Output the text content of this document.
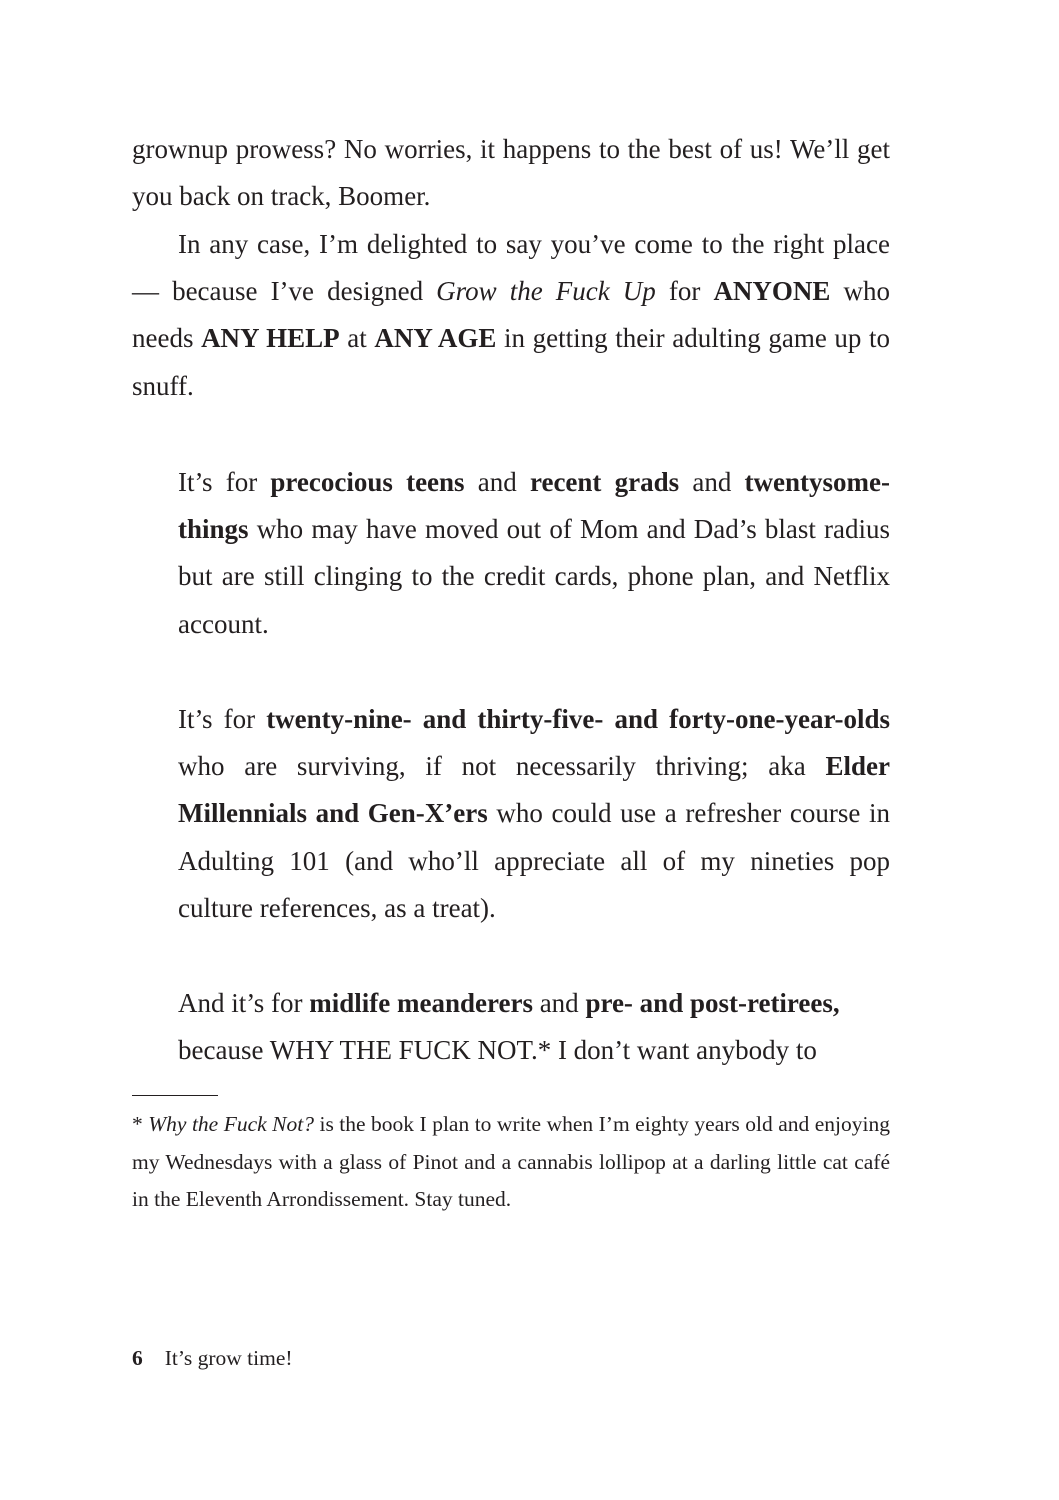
grownup prowess? No worries, it happens to the best of us! We’ll get you back on track, Boomer.

In any case, I’m delighted to say you’ve come to the right place — because I’ve designed Grow the Fuck Up for ANYONE who needs ANY HELP at ANY AGE in getting their adulting game up to snuff.

It’s for precocious teens and recent grads and twentysomethings who may have moved out of Mom and Dad’s blast radius but are still clinging to the credit cards, phone plan, and Netflix account.

It’s for twenty-nine- and thirty-five- and forty-one-year-olds who are surviving, if not necessarily thriving; aka Elder Millennials and Gen-X’ers who could use a refresher course in Adulting 101 (and who’ll appreciate all of my nineties pop culture references, as a treat).

And it’s for midlife meanderers and pre- and post-retirees,
because WHY THE FUCK NOT.* I don’t want anybody to

* Why the Fuck Not? is the book I plan to write when I’m eighty years old and enjoying my Wednesdays with a glass of Pinot and a cannabis lollipop at a darling little cat café in the Eleventh Arrondissement. Stay tuned.

6 It’s grow time!
